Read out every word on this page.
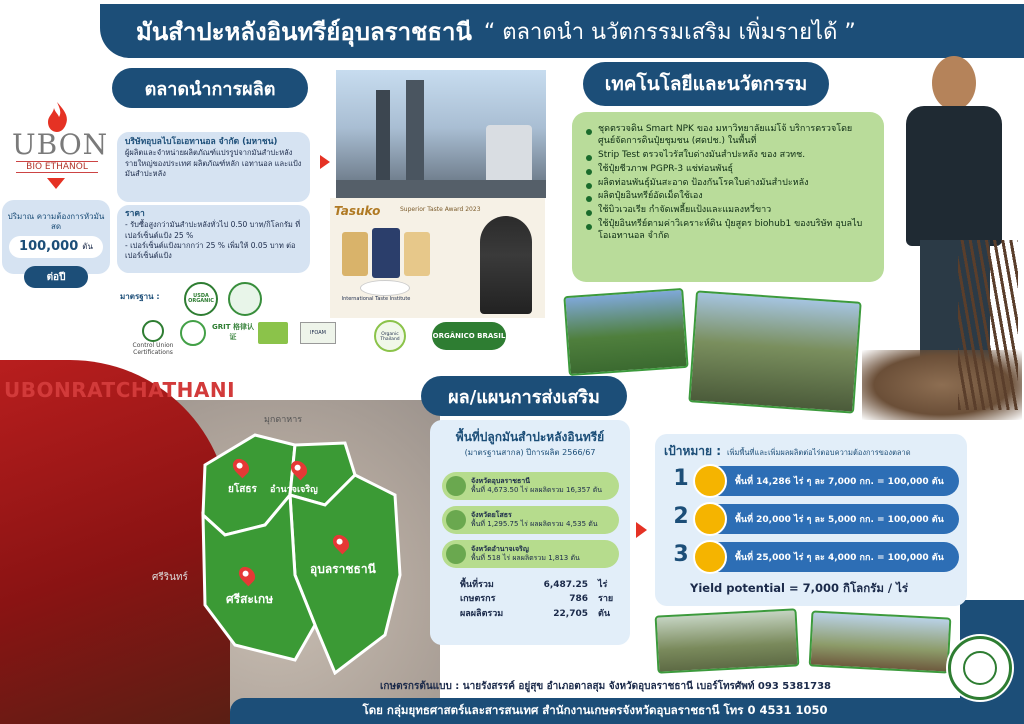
มันสำปะหลังอินทรีย์อุบลราชธานี “ ตลาดนำ นวัตกรรมเสริม เพิ่มรายได้ ”
UBON
BIO ETHANOL
ตลาดนำการผลิต
บริษัทอุบลไบโอเอทานอล จำกัด (มหาชน)
ผู้ผลิตและจำหน่ายผลิตภัณฑ์แปรรูปจากมันสำปะหลังรายใหญ่ของประเทศ ผลิตภัณฑ์หลัก เอทานอล และแป้งมันสำปะหลัง
ราคา
- รับซื้อสูงกว่ามันสำปะหลังทั่วไป 0.50 บาท/กิโลกรัม ที่เปอร์เซ็นต์แป้ง 25 %
- เปอร์เซ็นต์แป้งมากกว่า 25 % เพิ่มให้ 0.05 บาท ต่อเปอร์เซ็นต์แป้ง
ปริมาณ ความต้องการหัวมันสด
100,000 ตัน
ต่อปี
มาตรฐาน :	USDA ORGANIC
Control Union Certifications
GRIT 格律认证	IFOAM	Organic Thailand	ORGÂNICO BRASIL
Tasuko	Superior Taste Award 2023
International Taste Institute
เทคโนโลยีและนวัตกรรม
ชุดตรวจดิน Smart NPK ของ มหาวิทยาลัยแม่โจ้ บริการตรวจโดย ศูนย์จัดการดินปุ๋ยชุมชน (ศดปช.) ในพื้นที่
Strip Test ตรวจไวรัสใบด่างมันสำปะหลัง ของ สวทช.
ใช้ปุ๋ยชีวภาพ PGPR-3 แช่ท่อนพันธุ์
ผลิตท่อนพันธุ์มันสะอาด ป้องกันโรคใบด่างมันสำปะหลัง
ผลิตปุ๋ยอินทรีย์อัดเม็ดใช้เอง
ใช้บิวเวอเรีย กำจัดเพลี้ยแป้งและแมลงหวี่ขาว
ใช้ปุ๋ยอินทรีย์ตามค่าวิเคราะห์ดิน ปุ๋ยสูตร biohub1 ของบริษัท อุบลไบโอเอทานอล จำกัด
UBONRATCHATHANI
มุกดาหาร
ศรีรินทร์
ยโสธร อำนาจเจริญ
อุบลราชธานี
ศรีสะเกษ
ผล/แผนการส่งเสริม
พื้นที่ปลูกมันสำปะหลังอินทรีย์
(มาตรฐานสากล) ปีการผลิต 2566/67
จังหวัดอุบลราชธานี
พื้นที่ 4,673.50 ไร่ ผลผลิตรวม 16,357 ตัน
จังหวัดยโสธร
พื้นที่ 1,295.75 ไร่ ผลผลิตรวม 4,535 ตัน
จังหวัดอำนาจเจริญ
พื้นที่ 518 ไร่ ผลผลิตรวม 1,813 ตัน
พื้นที่รวม	6,487.25 ไร่
เกษตรกร	786 ราย
ผลผลิตรวม	22,705 ตัน
เป้าหมาย : เพิ่มพื้นที่และเพิ่มผลผลิตต่อไร่ตอบความต้องการของตลาด
1	พื้นที่ 14,286 ไร่ ๆ ละ 7,000 กก. = 100,000 ตัน
2	พื้นที่ 20,000 ไร่ ๆ ละ 5,000 กก. = 100,000 ตัน
3	พื้นที่ 25,000 ไร่ ๆ ละ 4,000 กก. = 100,000 ตัน
Yield potential = 7,000 กิโลกรัม / ไร่
เกษตรกรต้นแบบ : นายรังสรรค์ อยู่สุข อำเภอตาลสุม จังหวัดอุบลราชธานี เบอร์โทรศัพท์ 093 5381738
โดย กลุ่มยุทธศาสตร์และสารสนเทศ สำนักงานเกษตรจังหวัดอุบลราชธานี โทร 0 4531 1050
